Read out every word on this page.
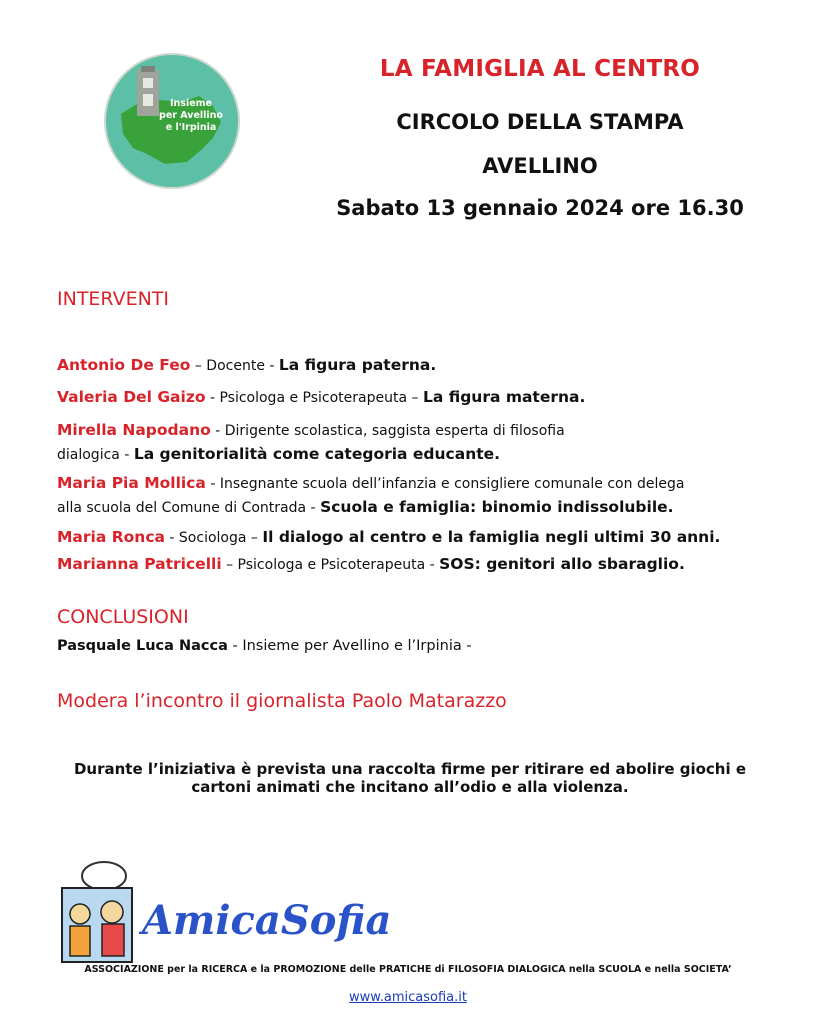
Insieme
per Avellino
e l'Irpinia
LA FAMIGLIA AL CENTRO
CIRCOLO DELLA STAMPA
AVELLINO
Sabato 13 gennaio 2024 ore 16.30
INTERVENTI
Antonio De Feo – Docente - La figura paterna.
Valeria Del Gaizo - Psicologa e Psicoterapeuta – La figura materna.
Mirella Napodano - Dirigente scolastica, saggista esperta di filosofia
dialogica - La genitorialità come categoria educante.
Maria Pia Mollica - Insegnante scuola dell’infanzia e consigliere comunale con delega
alla scuola del Comune di Contrada - Scuola e famiglia: binomio indissolubile.
Maria Ronca - Sociologa – Il dialogo al centro e la famiglia negli ultimi 30 anni.
Marianna Patricelli – Psicologa e Psicoterapeuta - SOS: genitori allo sbaraglio.
CONCLUSIONI
Pasquale Luca Nacca - Insieme per Avellino e l’Irpinia -
Modera l’incontro il giornalista Paolo Matarazzo
Durante l’iniziativa è prevista una raccolta firme per ritirare ed abolire giochi e
cartoni animati che incitano all’odio e alla violenza.
AmicaSofia
ASSOCIAZIONE per la RICERCA e la PROMOZIONE delle PRATICHE di FILOSOFIA DIALOGICA nella SCUOLA e nella SOCIETA’
www.amicasofia.it
